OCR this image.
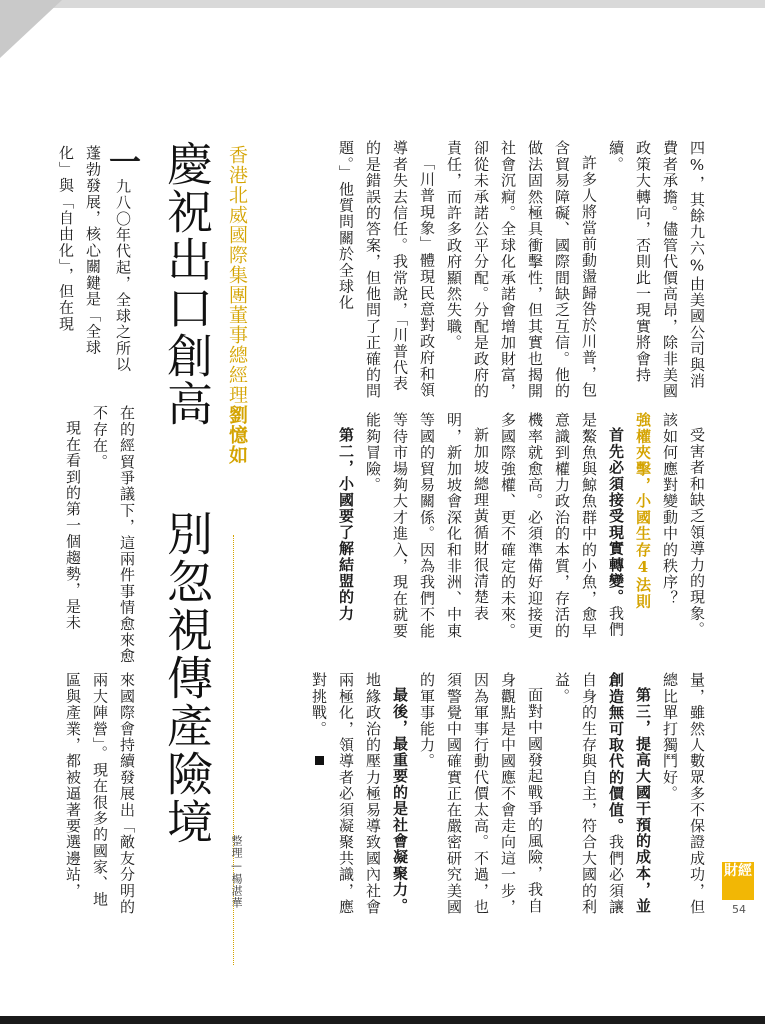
四%，其餘九六%由美國公司與消費者承擔。儘管代價高昂，除非美國政策大轉向，否則此一現實將會持續。

許多人將當前動盪歸咎於川普，包含貿易障礙、國際間缺乏互信。他的做法固然極具衝擊性，但其實也揭開社會沉痾。全球化承諾會增加財富，卻從未承諾公平分配。分配是政府的責任，而許多政府顯然失職。

「川普現象」體現民意對政府和領導者失去信任。我常說，「川普代表的是錯誤的答案，但他問了正確的問題。」他質問關於全球化

受害者和缺乏領導力的現象。該如何應對變動中的秩序？

強權夾擊，小國生存4法則

首先必須接受現實轉變。我們是鰲魚與鯨魚群中的小魚，愈早意識到權力政治的本質，存活的機率就愈高。必須準備好迎接更多國際強權、更不確定的未來。

新加坡總理黃循財很清楚表明，新加坡會深化和非洲、中東等國的貿易關係。因為我們不能等待市場夠大才進入，現在就要能夠冒險。

第二，小國要了解結盟的力

量，雖然人數眾多不保證成功，但總比單打獨鬥好。

第三，提高大國干預的成本，並創造無可取代的價值。我們必須讓自身的生存與自主，符合大國的利益。

面對中國發起戰爭的風險，我自身觀點是中國應不會走向這一步，因為軍事行動代價太高。不過，也須警覺中國確實正在嚴密研究美國的軍事能力。

最後，最重要的是社會凝聚力。地緣政治的壓力極易導致國內社會兩極化，領導者必須凝聚共識，應對挑戰。

香港北威國際集團董事總經理劉憶如
慶祝出口創高
別忽視傳產險境
整理—楊湛華

一九八〇年代起，全球之所以蓬勃發展，核心關鍵是「全球化」與「自由化」，但在現

在的經貿爭議下，這兩件事情愈來愈不存在。

現在看到的第一個趨勢，是未

來國際會持續發展出「敵友分明的兩大陣營」。現在很多的國家、地區與產業，都被逼著要選邊站，	財經
54
